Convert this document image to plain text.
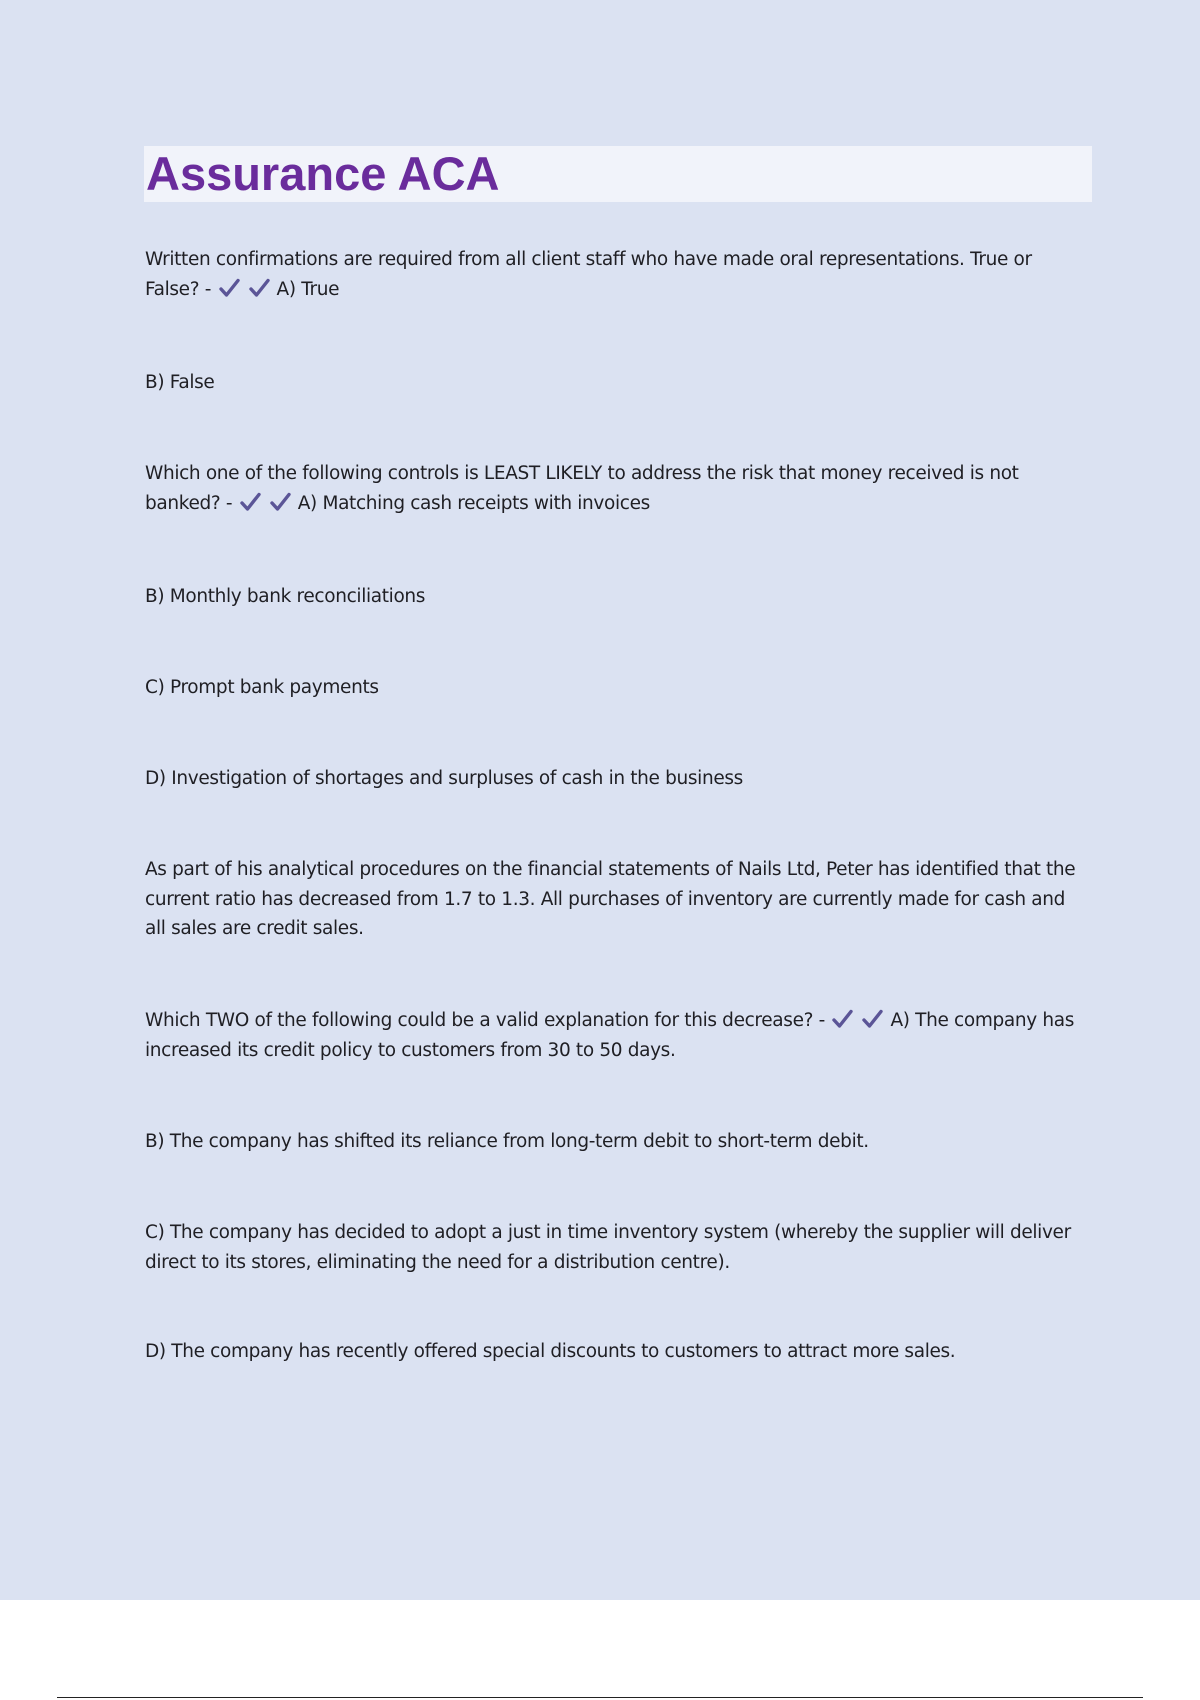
Assurance ACA

Written confirmations are required from all client staff who have made oral representations. True or False? -	A) True

B) False

Which one of the following controls is LEAST LIKELY to address the risk that money received is not banked? -	A) Matching cash receipts with invoices

B) Monthly bank reconciliations

C) Prompt bank payments

D) Investigation of shortages and surpluses of cash in the business

As part of his analytical procedures on the financial statements of Nails Ltd, Peter has identified that the current ratio has decreased from 1.7 to 1.3. All purchases of inventory are currently made for cash and all sales are credit sales.

Which TWO of the following could be a valid explanation for this decrease? -	A) The company has increased its credit policy to customers from 30 to 50 days.

B) The company has shifted its reliance from long-term debit to short-term debit.

C) The company has decided to adopt a just in time inventory system (whereby the supplier will deliver direct to its stores, eliminating the need for a distribution centre).

D) The company has recently offered special discounts to customers to attract more sales.
